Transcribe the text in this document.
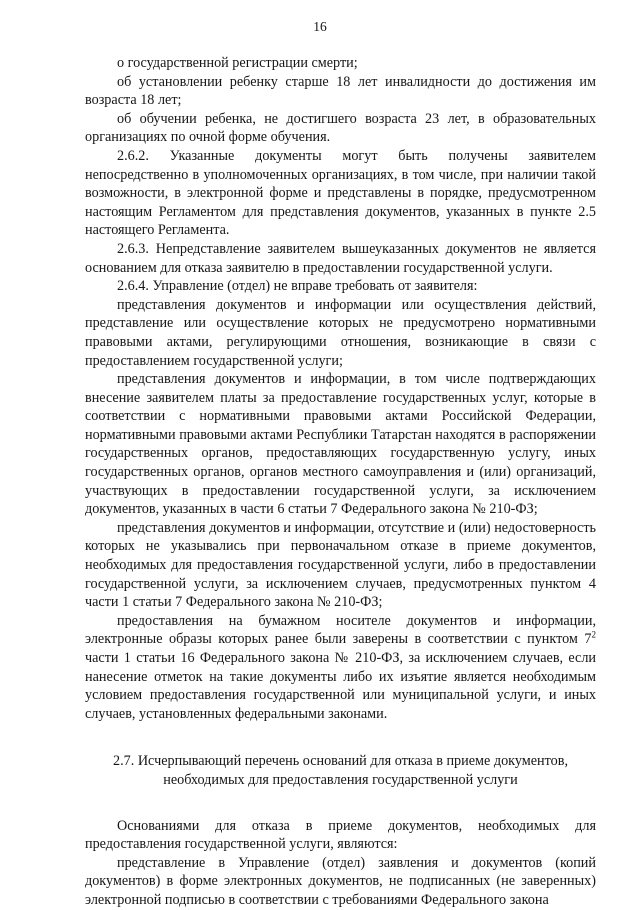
16

о государственной регистрации смерти;

об установлении ребенку старше 18 лет инвалидности до достижения им возраста 18 лет;

об обучении ребенка, не достигшего возраста 23 лет, в образовательных организациях по очной форме обучения.

2.6.2. Указанные документы могут быть получены заявителем непосредственно в уполномоченных организациях, в том числе, при наличии такой возможности, в электронной форме и представлены в порядке, предусмотренном настоящим Регламентом для представления документов, указанных в пункте 2.5 настоящего Регламента.

2.6.3. Непредставление заявителем вышеуказанных документов не является основанием для отказа заявителю в предоставлении государственной услуги.

2.6.4. Управление (отдел) не вправе требовать от заявителя:

представления документов и информации или осуществления действий, представление или осуществление которых не предусмотрено нормативными правовыми актами, регулирующими отношения, возникающие в связи с предоставлением государственной услуги;

представления документов и информации, в том числе подтверждающих внесение заявителем платы за предоставление государственных услуг, которые в соответствии с нормативными правовыми актами Российской Федерации, нормативными правовыми актами Республики Татарстан находятся в распоряжении государственных органов, предоставляющих государственную услугу, иных государственных органов, органов местного самоуправления и (или) организаций, участвующих в предоставлении государственной услуги, за исключением документов, указанных в части 6 статьи 7 Федерального закона № 210-ФЗ;

представления документов и информации, отсутствие и (или) недостоверность которых не указывались при первоначальном отказе в приеме документов, необходимых для предоставления государственной услуги, либо в предоставлении государственной услуги, за исключением случаев, предусмотренных пунктом 4 части 1 статьи 7 Федерального закона № 210-ФЗ;

предоставления на бумажном носителе документов и информации, электронные образы которых ранее были заверены в соответствии с пунктом $7^2$ части 1 статьи 16 Федерального закона № 210-ФЗ, за исключением случаев, если нанесение отметок на такие документы либо их изъятие является необходимым условием предоставления государственной или муниципальной услуги, и иных случаев, установленных федеральными законами.

2.7. Исчерпывающий перечень оснований для отказа в приеме документов,
необходимых для предоставления государственной услуги

Основаниями для отказа в приеме документов, необходимых для предоставления государственной услуги, являются:

представление в Управление (отдел) заявления и документов (копий документов) в форме электронных документов, не подписанных (не заверенных) электронной подписью в соответствии с требованиями Федерального закона
